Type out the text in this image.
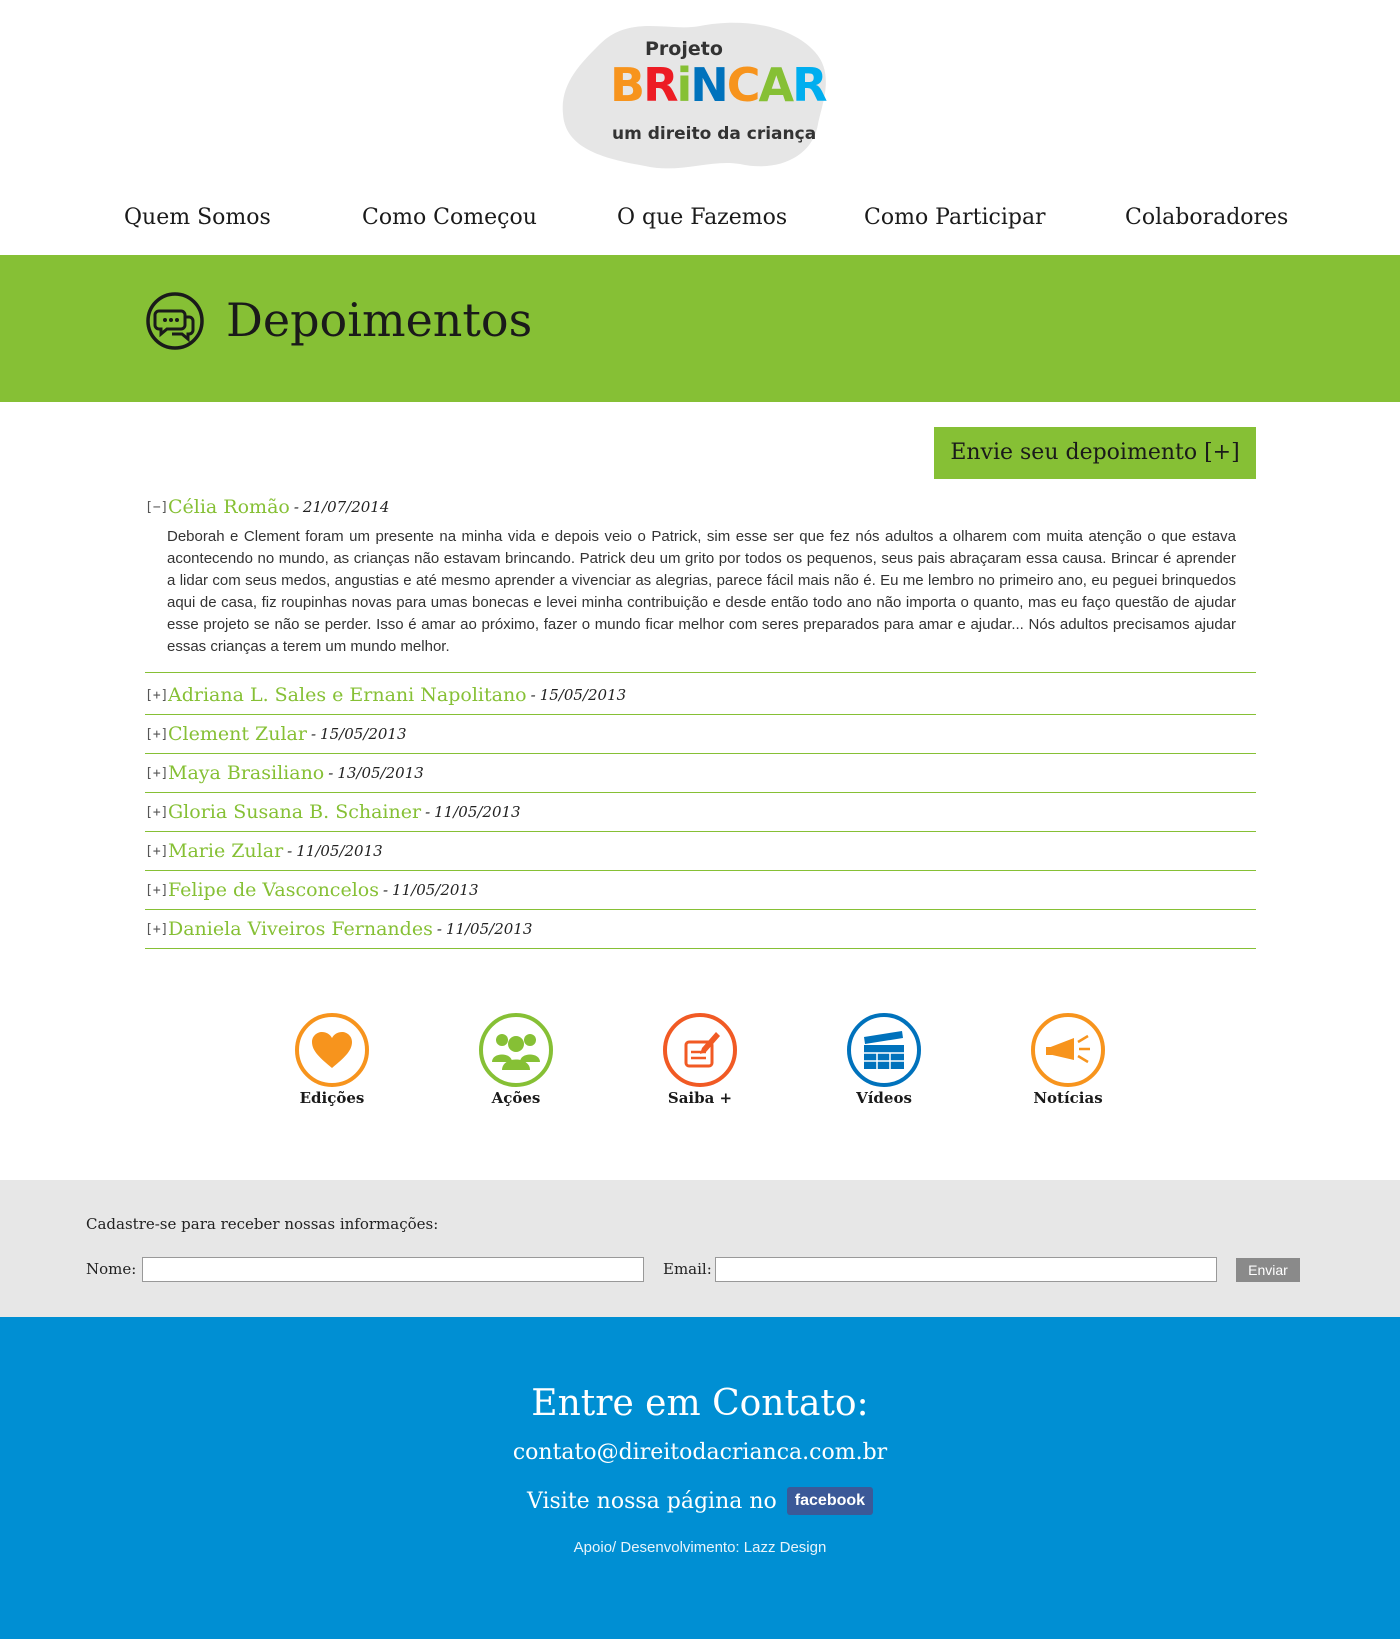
Projeto
BRiNCAR
um direito da criança
Quem Somos	Como Começou	O que Fazemos	Como Participar	Colaboradores
Depoimentos
Envie seu depoimento [+]
[−] Célia Romão - 21/07/2014
Deborah e Clement foram um presente na minha vida e depois veio o Patrick, sim esse ser que fez nós adultos a olharem com muita atenção o que estava acontecendo no mundo, as crianças não estavam brincando. Patrick deu um grito por todos os pequenos, seus pais abraçaram essa causa. Brincar é aprender a lidar com seus medos, angustias e até mesmo aprender a vivenciar as alegrias, parece fácil mais não é. Eu me lembro no primeiro ano, eu peguei brinquedos aqui de casa, fiz roupinhas novas para umas bonecas e levei minha contribuição e desde então todo ano não importa o quanto, mas eu faço questão de ajudar esse projeto se não se perder. Isso é amar ao próximo, fazer o mundo ficar melhor com seres preparados para amar e ajudar... Nós adultos precisamos ajudar essas crianças a terem um mundo melhor.
[+] Adriana L. Sales e Ernani Napolitano - 15/05/2013
[+] Clement Zular - 15/05/2013
[+] Maya Brasiliano - 13/05/2013
[+] Gloria Susana B. Schainer - 11/05/2013
[+] Marie Zular - 11/05/2013
[+] Felipe de Vasconcelos - 11/05/2013
[+] Daniela Viveiros Fernandes - 11/05/2013
Edições	Ações	Saiba +	Vídeos	Notícias
Cadastre-se para receber nossas informações:
Nome:	Email:	Enviar
Entre em Contato:
contato@direitodacrianca.com.br
Visite nossa página no	facebook
Apoio/ Desenvolvimento: Lazz Design
